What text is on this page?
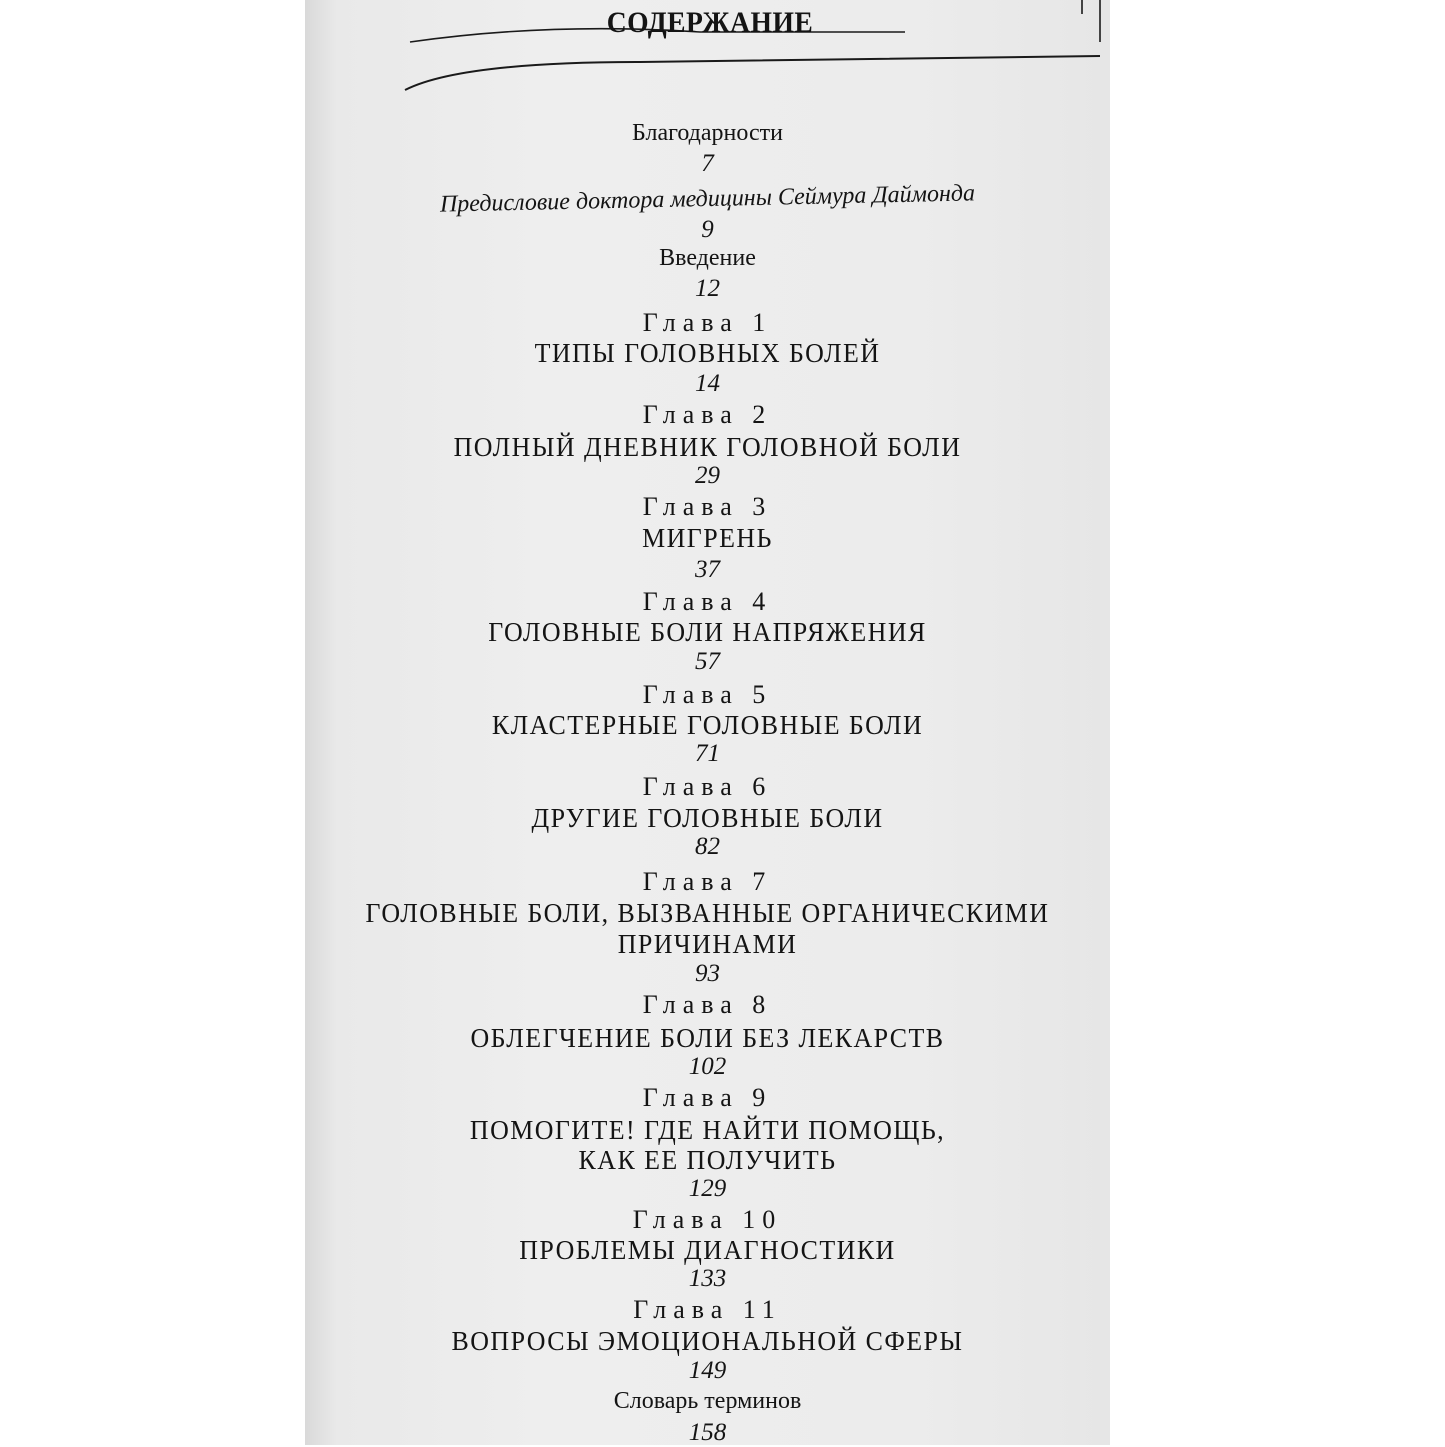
СОДЕРЖАНИЕ
Благодарности
7
Предисловие доктора медицины Сеймура Даймонда
9
Введение
12
Глава 1
ТИПЫ ГОЛОВНЫХ БОЛЕЙ
14
Глава 2
ПОЛНЫЙ ДНЕВНИК ГОЛОВНОЙ БОЛИ
29
Глава 3
МИГРЕНЬ
37
Глава 4
ГОЛОВНЫЕ БОЛИ НАПРЯЖЕНИЯ
57
Глава 5
КЛАСТЕРНЫЕ ГОЛОВНЫЕ БОЛИ
71
Глава 6
ДРУГИЕ ГОЛОВНЫЕ БОЛИ
82
Глава 7
ГОЛОВНЫЕ БОЛИ, ВЫЗВАННЫЕ ОРГАНИЧЕСКИМИ
ПРИЧИНАМИ
93
Глава 8
ОБЛЕГЧЕНИЕ БОЛИ БЕЗ ЛЕКАРСТВ
102
Глава 9
ПОМОГИТЕ! ГДЕ НАЙТИ ПОМОЩЬ,
КАК ЕЕ ПОЛУЧИТЬ
129
Глава 10
ПРОБЛЕМЫ ДИАГНОСТИКИ
133
Глава 11
ВОПРОСЫ ЭМОЦИОНАЛЬНОЙ СФЕРЫ
149
Словарь терминов
158
